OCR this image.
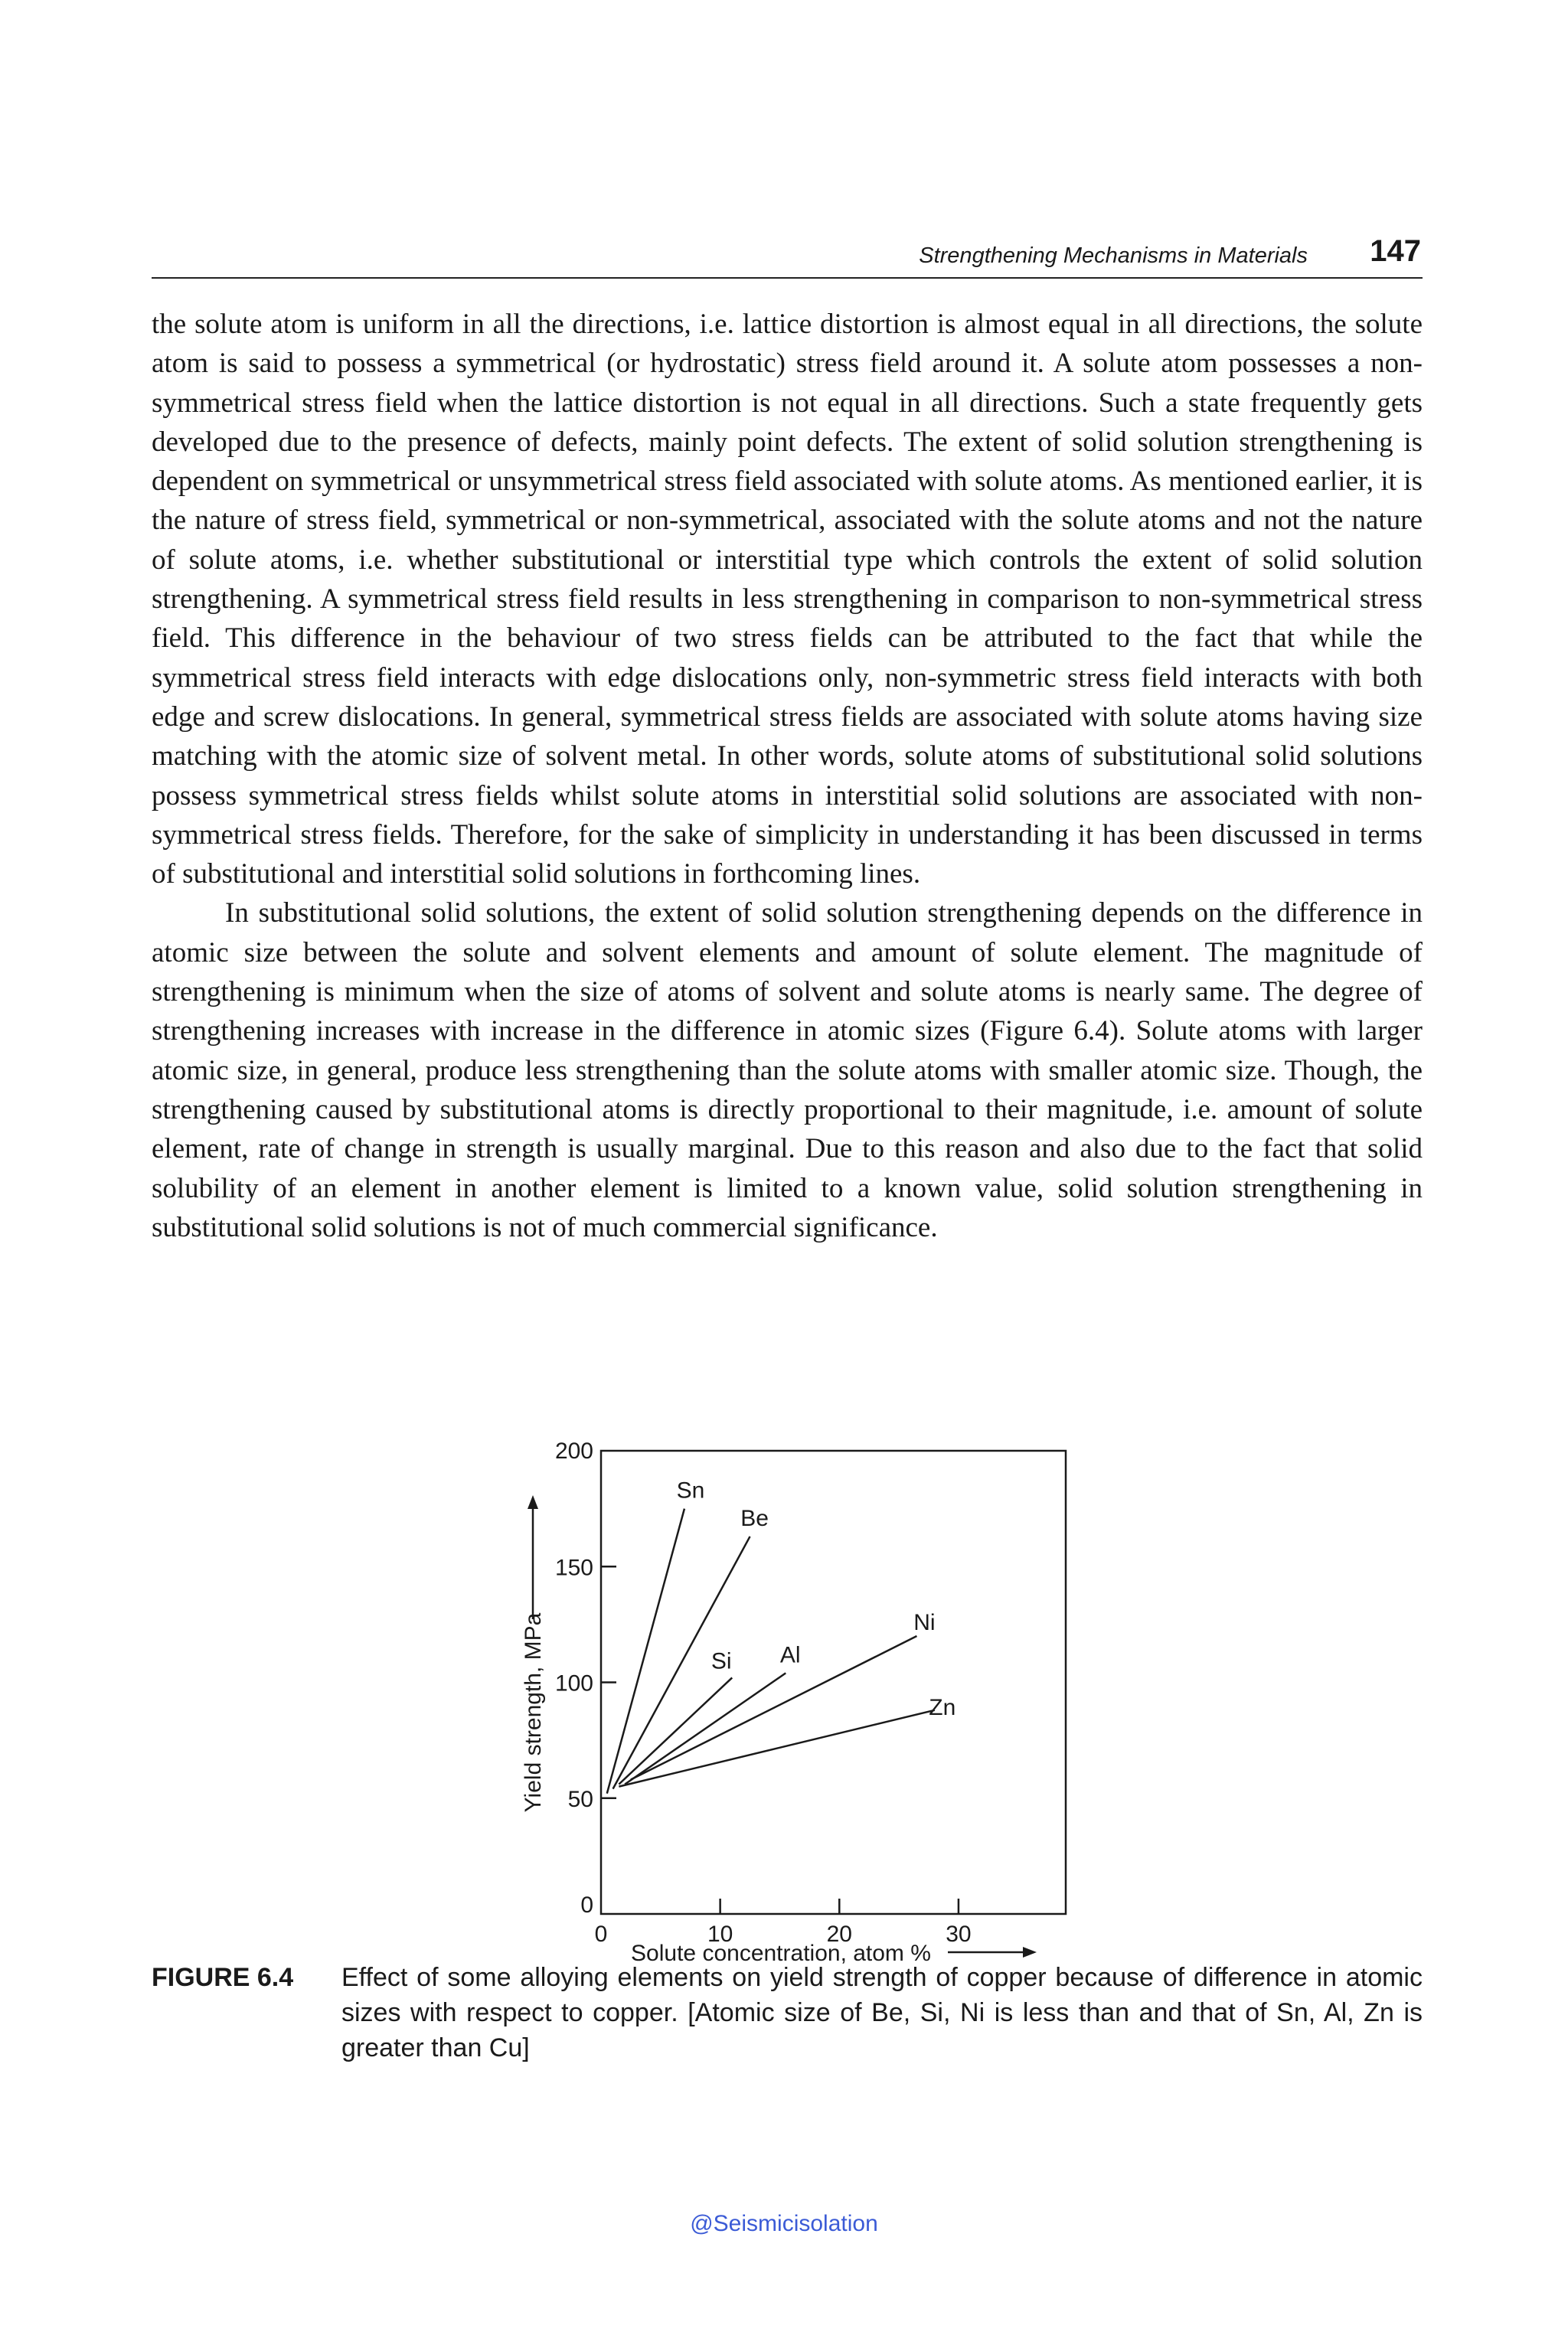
Strengthening Mechanisms in Materials 147

the solute atom is uniform in all the directions, i.e. lattice distortion is almost equal in all directions, the solute atom is said to possess a symmetrical (or hydrostatic) stress field around it. A solute atom possesses a non-symmetrical stress field when the lattice distortion is not equal in all directions. Such a state frequently gets developed due to the presence of defects, mainly point defects. The extent of solid solution strengthening is dependent on symmetrical or unsymmetrical stress field associated with solute atoms. As mentioned earlier, it is the nature of stress field, symmetrical or non-symmetrical, associated with the solute atoms and not the nature of solute atoms, i.e. whether substitutional or interstitial type which controls the extent of solid solution strengthening. A symmetrical stress field results in less strengthening in comparison to non-symmetrical stress field. This difference in the behaviour of two stress fields can be attributed to the fact that while the symmetrical stress field interacts with edge dislocations only, non-symmetric stress field interacts with both edge and screw dislocations. In general, symmetrical stress fields are associated with solute atoms having size matching with the atomic size of solvent metal. In other words, solute atoms of substitutional solid solutions possess symmetrical stress fields whilst solute atoms in interstitial solid solutions are associated with non-symmetrical stress fields. Therefore, for the sake of simplicity in understanding it has been discussed in terms of substitutional and interstitial solid solutions in forthcoming lines.

In substitutional solid solutions, the extent of solid solution strengthening depends on the difference in atomic size between the solute and solvent elements and amount of solute element. The magnitude of strengthening is minimum when the size of atoms of solvent and solute atoms is nearly same. The degree of strengthening increases with increase in the difference in atomic sizes (Figure 6.4). Solute atoms with larger atomic size, in general, produce less strengthening than the solute atoms with smaller atomic size. Though, the strengthening caused by substitutional atoms is directly proportional to their magnitude, i.e. amount of solute element, rate of change in strength is usually marginal. Due to this reason and also due to the fact that solid solubility of an element in another element is limited to a known value, solid solution strengthening in substitutional solid solutions is not of much commercial significance.

0
50
100
150
200
0	10	20	30
Sn
Be
Si Al
Ni
Zn
Yield strength, MPa
Solute concentration, atom %
FIGURE 6.4 Effect of some alloying elements on yield strength of copper because of difference in atomic sizes with respect to copper. [Atomic size of Be, Si, Ni is less than and that of Sn, Al, Zn is greater than Cu]
@Seismicisolation
